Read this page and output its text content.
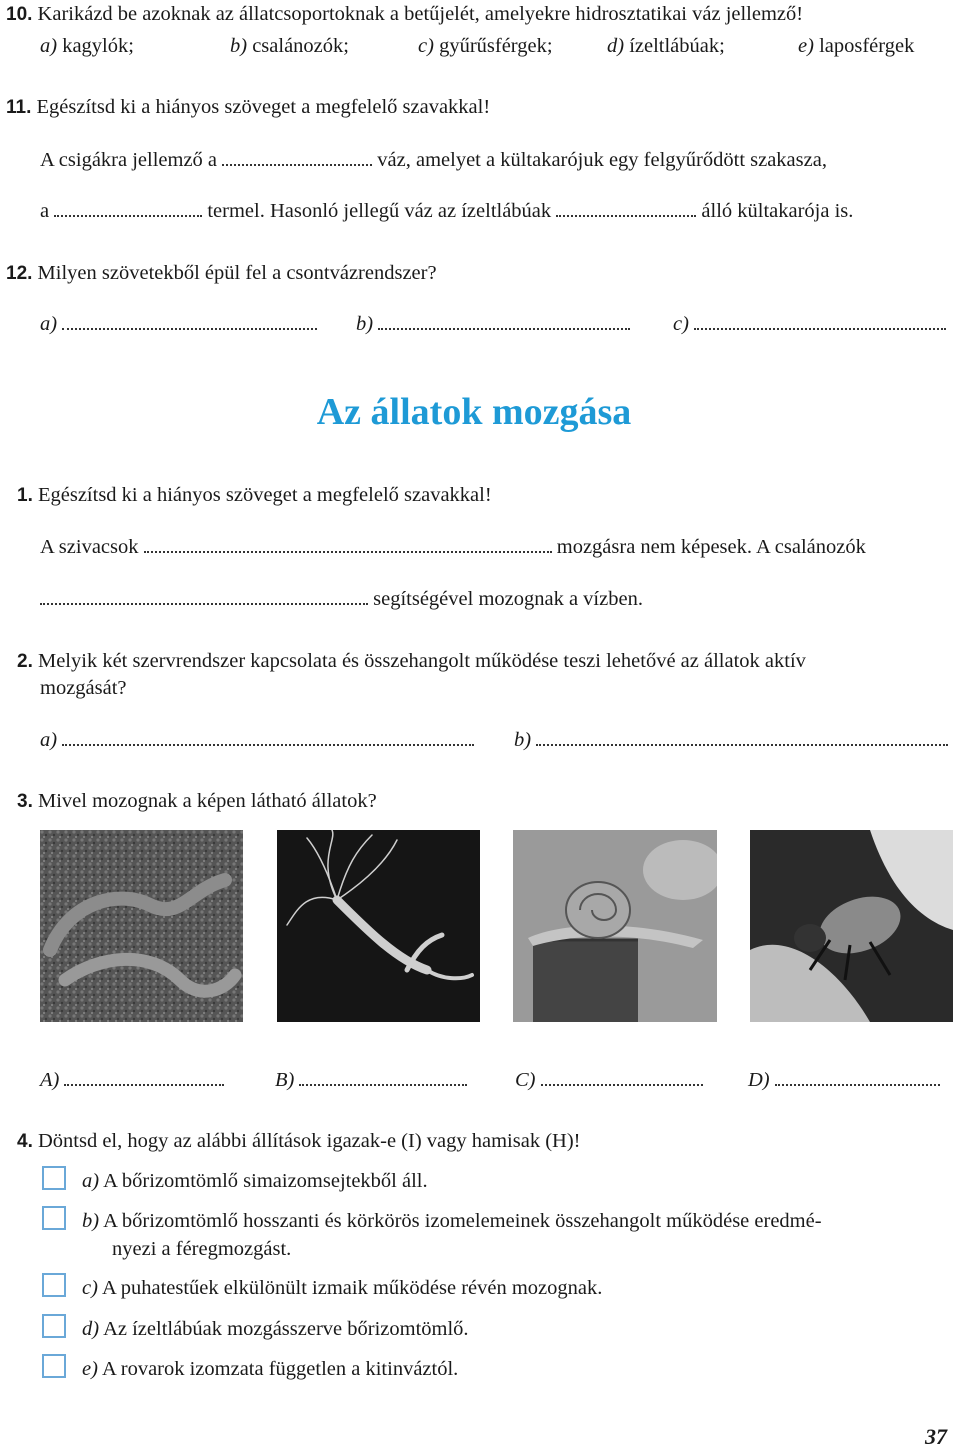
10. Karikázd be azoknak az állatcsoportoknak a betűjelét, amelyekre hidrosztatikai váz jellemző!
a) kagylók;	b) csalánozók;	c) gyűrűsférgek;	d) ízeltlábúak;	e) laposférgek
11. Egészítsd ki a hiányos szöveget a megfelelő szavakkal!
A csigákra jellemző a	váz, amelyet a kültakarójuk egy felgyűrődött szakasza,
a	termel. Hasonló jellegű váz az ízeltlábúak	álló kültakarója is.
12. Milyen szövetekből épül fel a csontvázrendszer?
a)	b)	c)
Az állatok mozgása
1. Egészítsd ki a hiányos szöveget a megfelelő szavakkal!
A szivacsok	mozgásra nem képesek. A csalánozók
segítségével mozognak a vízben.
2. Melyik két szervrendszer kapcsolata és összehangolt működése teszi lehetővé az állatok aktív
mozgását?
a)	b)
3. Mivel mozognak a képen látható állatok?
A)	B)	C)	D)
4. Döntsd el, hogy az alábbi állítások igazak-e (I) vagy hamisak (H)!
a) A bőrizomtömlő simaizomsejtekből áll.
b) A bőrizomtömlő hosszanti és körkörös izomelemeinek összehangolt működése eredmé-
nyezi a féregmozgást.
c) A puhatestűek elkülönült izmaik működése révén mozognak.
d) Az ízeltlábúak mozgásszerve bőrizomtömlő.
e) A rovarok izomzata független a kitinváztól.
37
